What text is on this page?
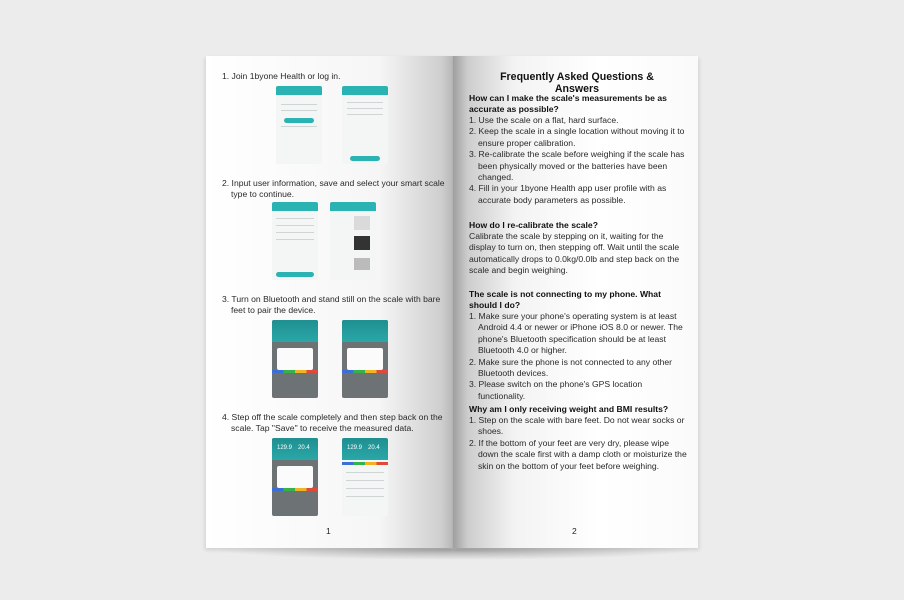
1. Join 1byone Health or log in.
2. Input user information, save and select your smart scale type to continue.
3. Turn on Bluetooth and stand still on the scale with bare feet to pair the device.
4. Step off the scale completely and then step back on the scale. Tap "Save" to receive the measured data.
129.9 20.4	129.9 20.4
1
Frequently Asked Questions & Answers
How can I make the scale's measurements be as accurate as possible?
1. Use the scale on a flat, hard surface.
2. Keep the scale in a single location without moving it to ensure proper calibration.
3. Re-calibrate the scale before weighing if the scale has been physically moved or the batteries have been changed.
4. Fill in your 1byone Health app user profile with as accurate body parameters as possible.
How do I re-calibrate the scale?
Calibrate the scale by stepping on it, waiting for the display to turn on, then stepping off. Wait until the scale automatically drops to 0.0kg/0.0lb and step back on the scale and begin weighing.
The scale is not connecting to my phone. What should I do?
1. Make sure your phone's operating system is at least Android 4.4 or newer or iPhone iOS 8.0 or newer. The phone's Bluetooth specification should be at least Bluetooth 4.0 or higher.
2. Make sure the phone is not connected to any other Bluetooth devices.
3. Please switch on the phone's GPS location functionality.
Why am I only receiving weight and BMI results?
1. Step on the scale with bare feet. Do not wear socks or shoes.
2. If the bottom of your feet are very dry, please wipe down the scale first with a damp cloth or moisturize the skin on the bottom of your feet before weighing.
2
